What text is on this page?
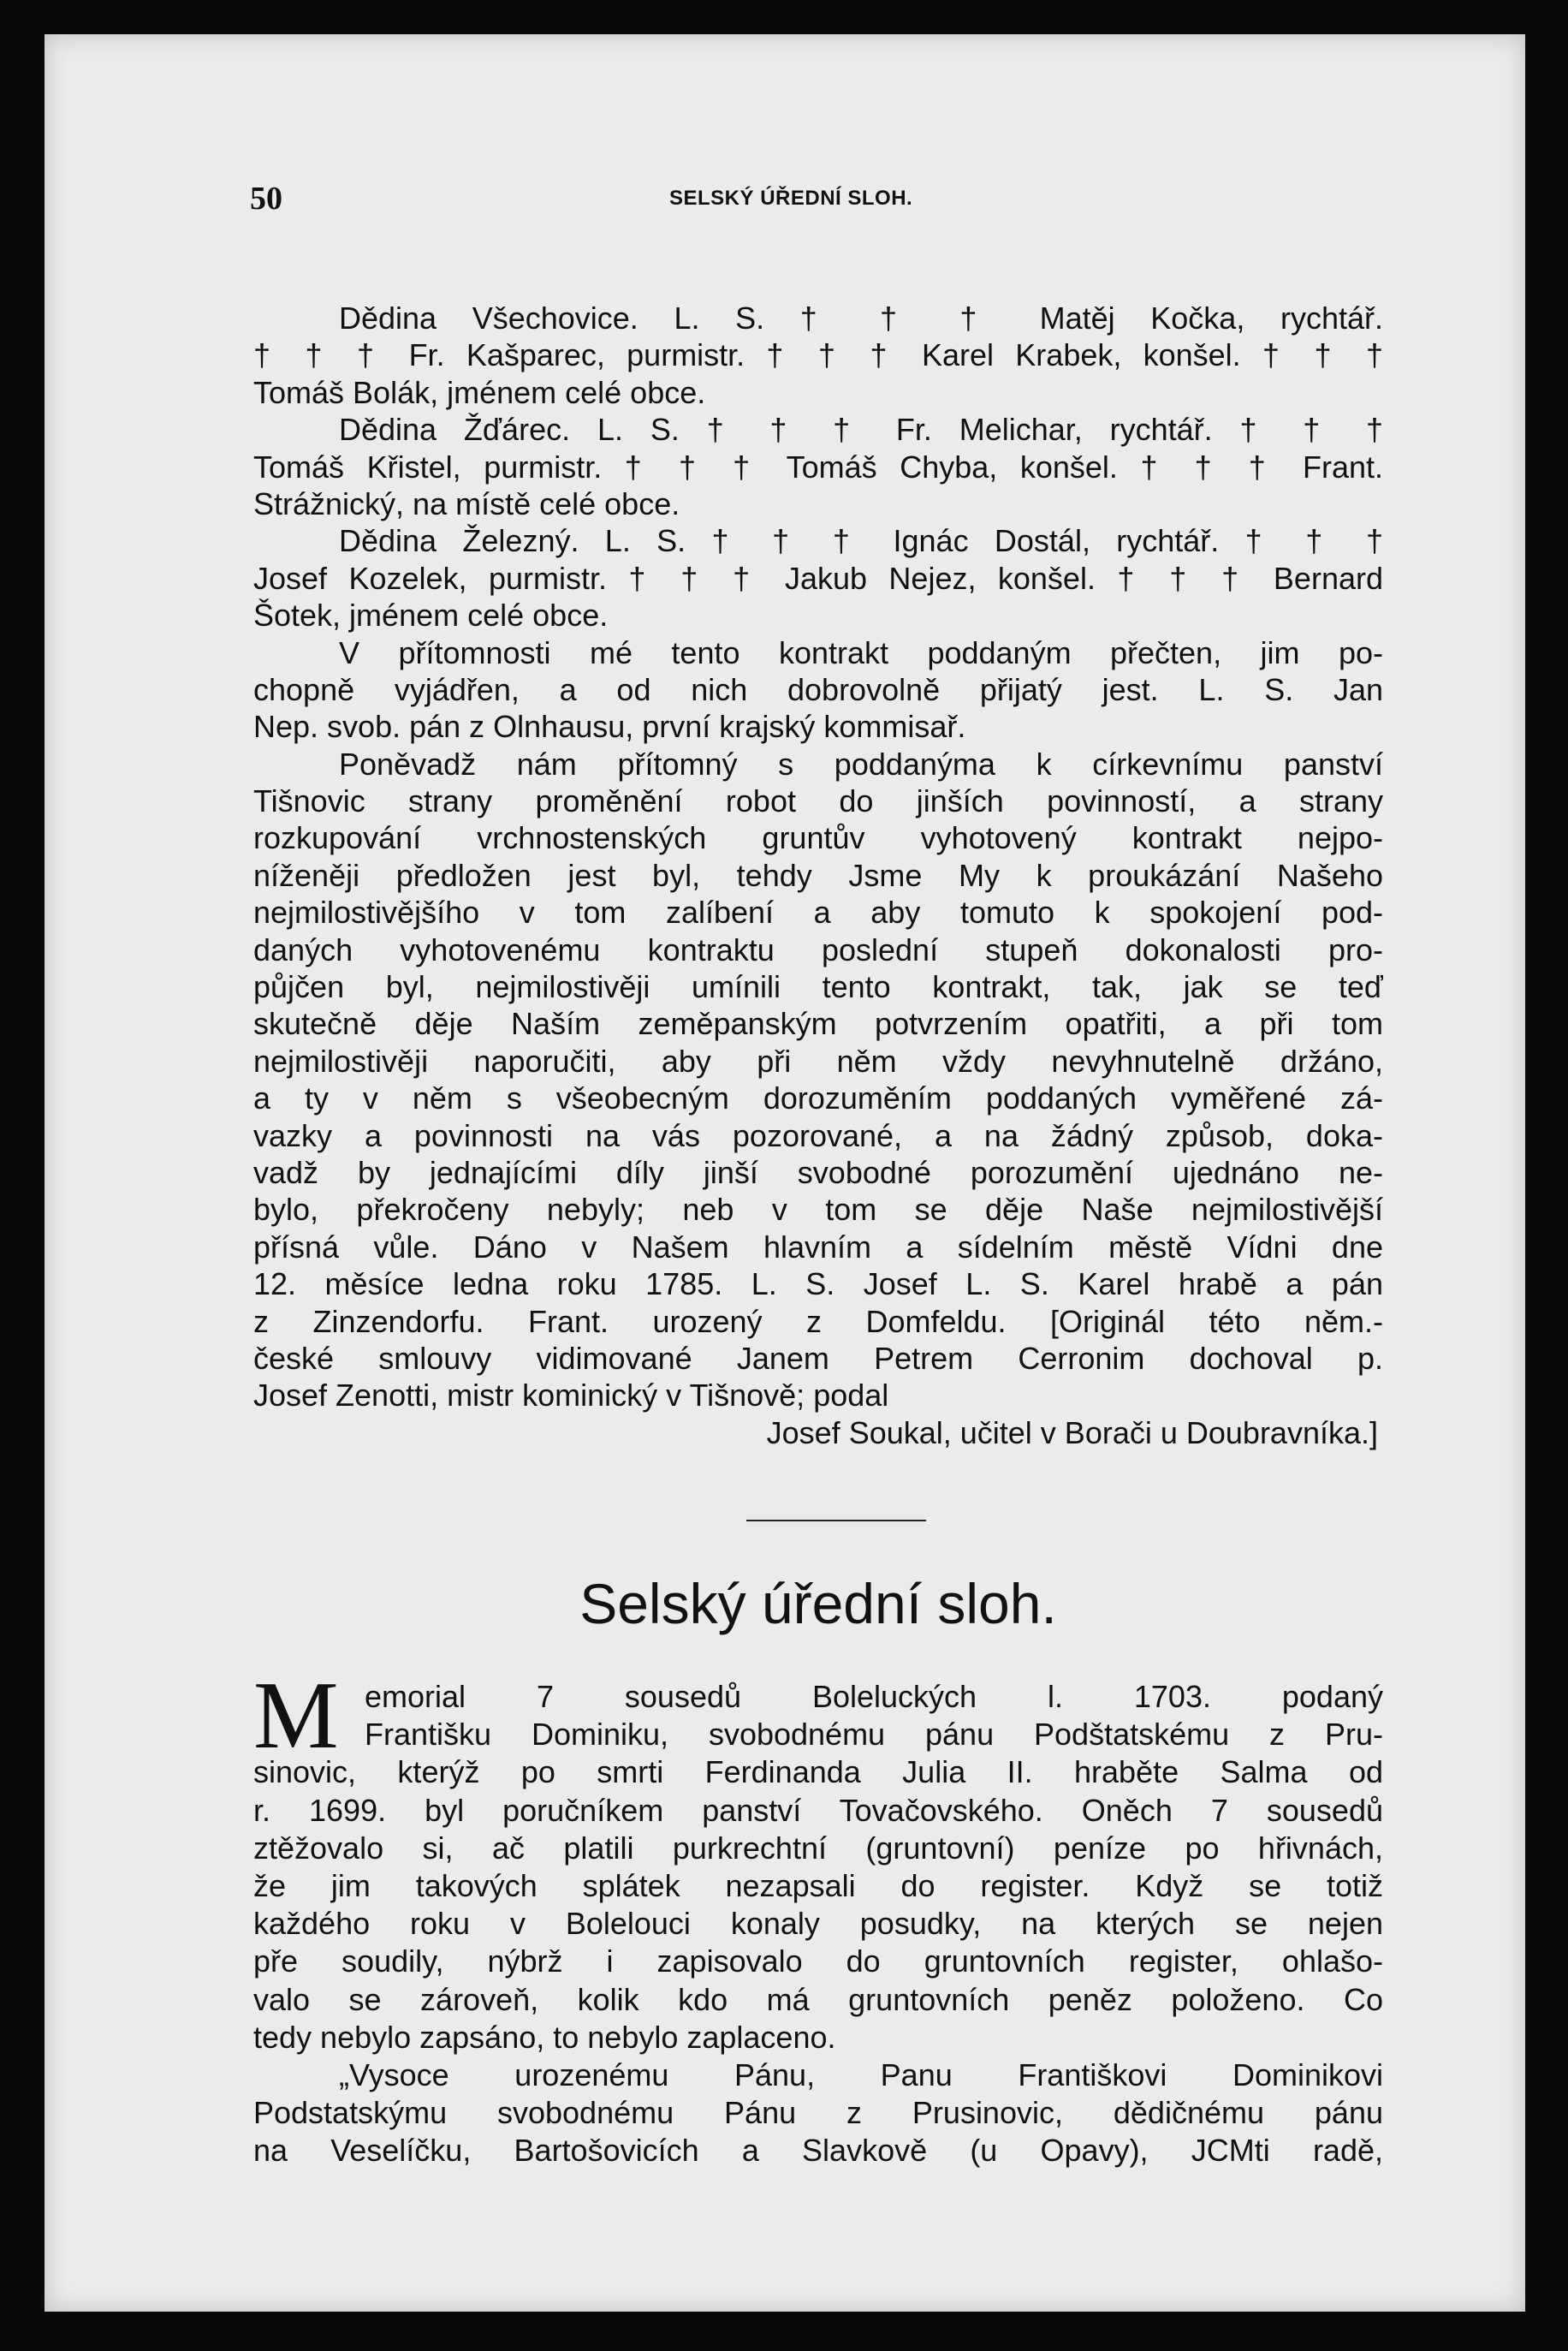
50	SELSKÝ ÚŘEDNÍ SLOH.
Dědina Všechovice. L. S. † † † Matěj Kočka, rychtář.
† † † Fr. Kašparec, purmistr. † † † Karel Krabek, konšel. † † †
Tomáš Bolák, jménem celé obce.
Dědina Žďárec. L. S. † † † Fr. Melichar, rychtář. † † †
Tomáš Křistel, purmistr. † † † Tomáš Chyba, konšel. † † † Frant.
Strážnický, na místě celé obce.
Dědina Železný. L. S. † † † Ignác Dostál, rychtář. † † †
Josef Kozelek, purmistr. † † † Jakub Nejez, konšel. † † † Bernard
Šotek, jménem celé obce.
V přítomnosti mé tento kontrakt poddaným přečten, jim po-
chopně vyjádřen, a od nich dobrovolně přijatý jest. L. S. Jan
Nep. svob. pán z Olnhausu, první krajský kommisař.
Poněvadž nám přítomný s poddanýma k církevnímu panství
Tišnovic strany proměnění robot do jinších povinností, a strany
rozkupování vrchnostenských gruntův vyhotovený kontrakt nejpo-
níženěji předložen jest byl, tehdy Jsme My k proukázání Našeho
nejmilostivějšího v tom zalíbení a aby tomuto k spokojení pod-
daných vyhotovenému kontraktu poslední stupeň dokonalosti pro-
půjčen byl, nejmilostivěji umínili tento kontrakt, tak, jak se teď
skutečně děje Naším zeměpanským potvrzením opatřiti, a při tom
nejmilostivěji naporučiti, aby při něm vždy nevyhnutelně držáno,
a ty v něm s všeobecným dorozuměním poddaných vyměřené zá-
vazky a povinnosti na vás pozorované, a na žádný způsob, doka-
vadž by jednajícími díly jinší svobodné porozumění ujednáno ne-
bylo, překročeny nebyly; neb v tom se děje Naše nejmilostivější
přísná vůle. Dáno v Našem hlavním a sídelním městě Vídni dne
12. měsíce ledna roku 1785. L. S. Josef L. S. Karel hrabě a pán
z Zinzendorfu. Frant. urozený z Domfeldu. [Originál této něm.-
české smlouvy vidimované Janem Petrem Cerronim dochoval p.
Josef Zenotti, mistr kominický v Tišnově; podal
Josef Soukal, učitel v Borači u Doubravníka.]
Selský úřední sloh.
M emorial 7 sousedů Boleluckých l. 1703. podaný
Františku Dominiku, svobodnému pánu Podštatskému z Pru-
sinovic, kterýž po smrti Ferdinanda Julia II. hraběte Salma od
r. 1699. byl poručníkem panství Tovačovského. Oněch 7 sousedů
ztěžovalo si, ač platili purkrechtní (gruntovní) peníze po hřivnách,
že jim takových splátek nezapsali do register. Když se totiž
každého roku v Bolelouci konaly posudky, na kterých se nejen
pře soudily, nýbrž i zapisovalo do gruntovních register, ohlašo-
valo se zároveň, kolik kdo má gruntovních peněz položeno. Co
tedy nebylo zapsáno, to nebylo zaplaceno.
„Vysoce urozenému Pánu, Panu Františkovi Dominikovi
Podstatskýmu svobodnému Pánu z Prusinovic, dědičnému pánu
na Veselíčku, Bartošovicích a Slavkově (u Opavy), JCMti radě,
